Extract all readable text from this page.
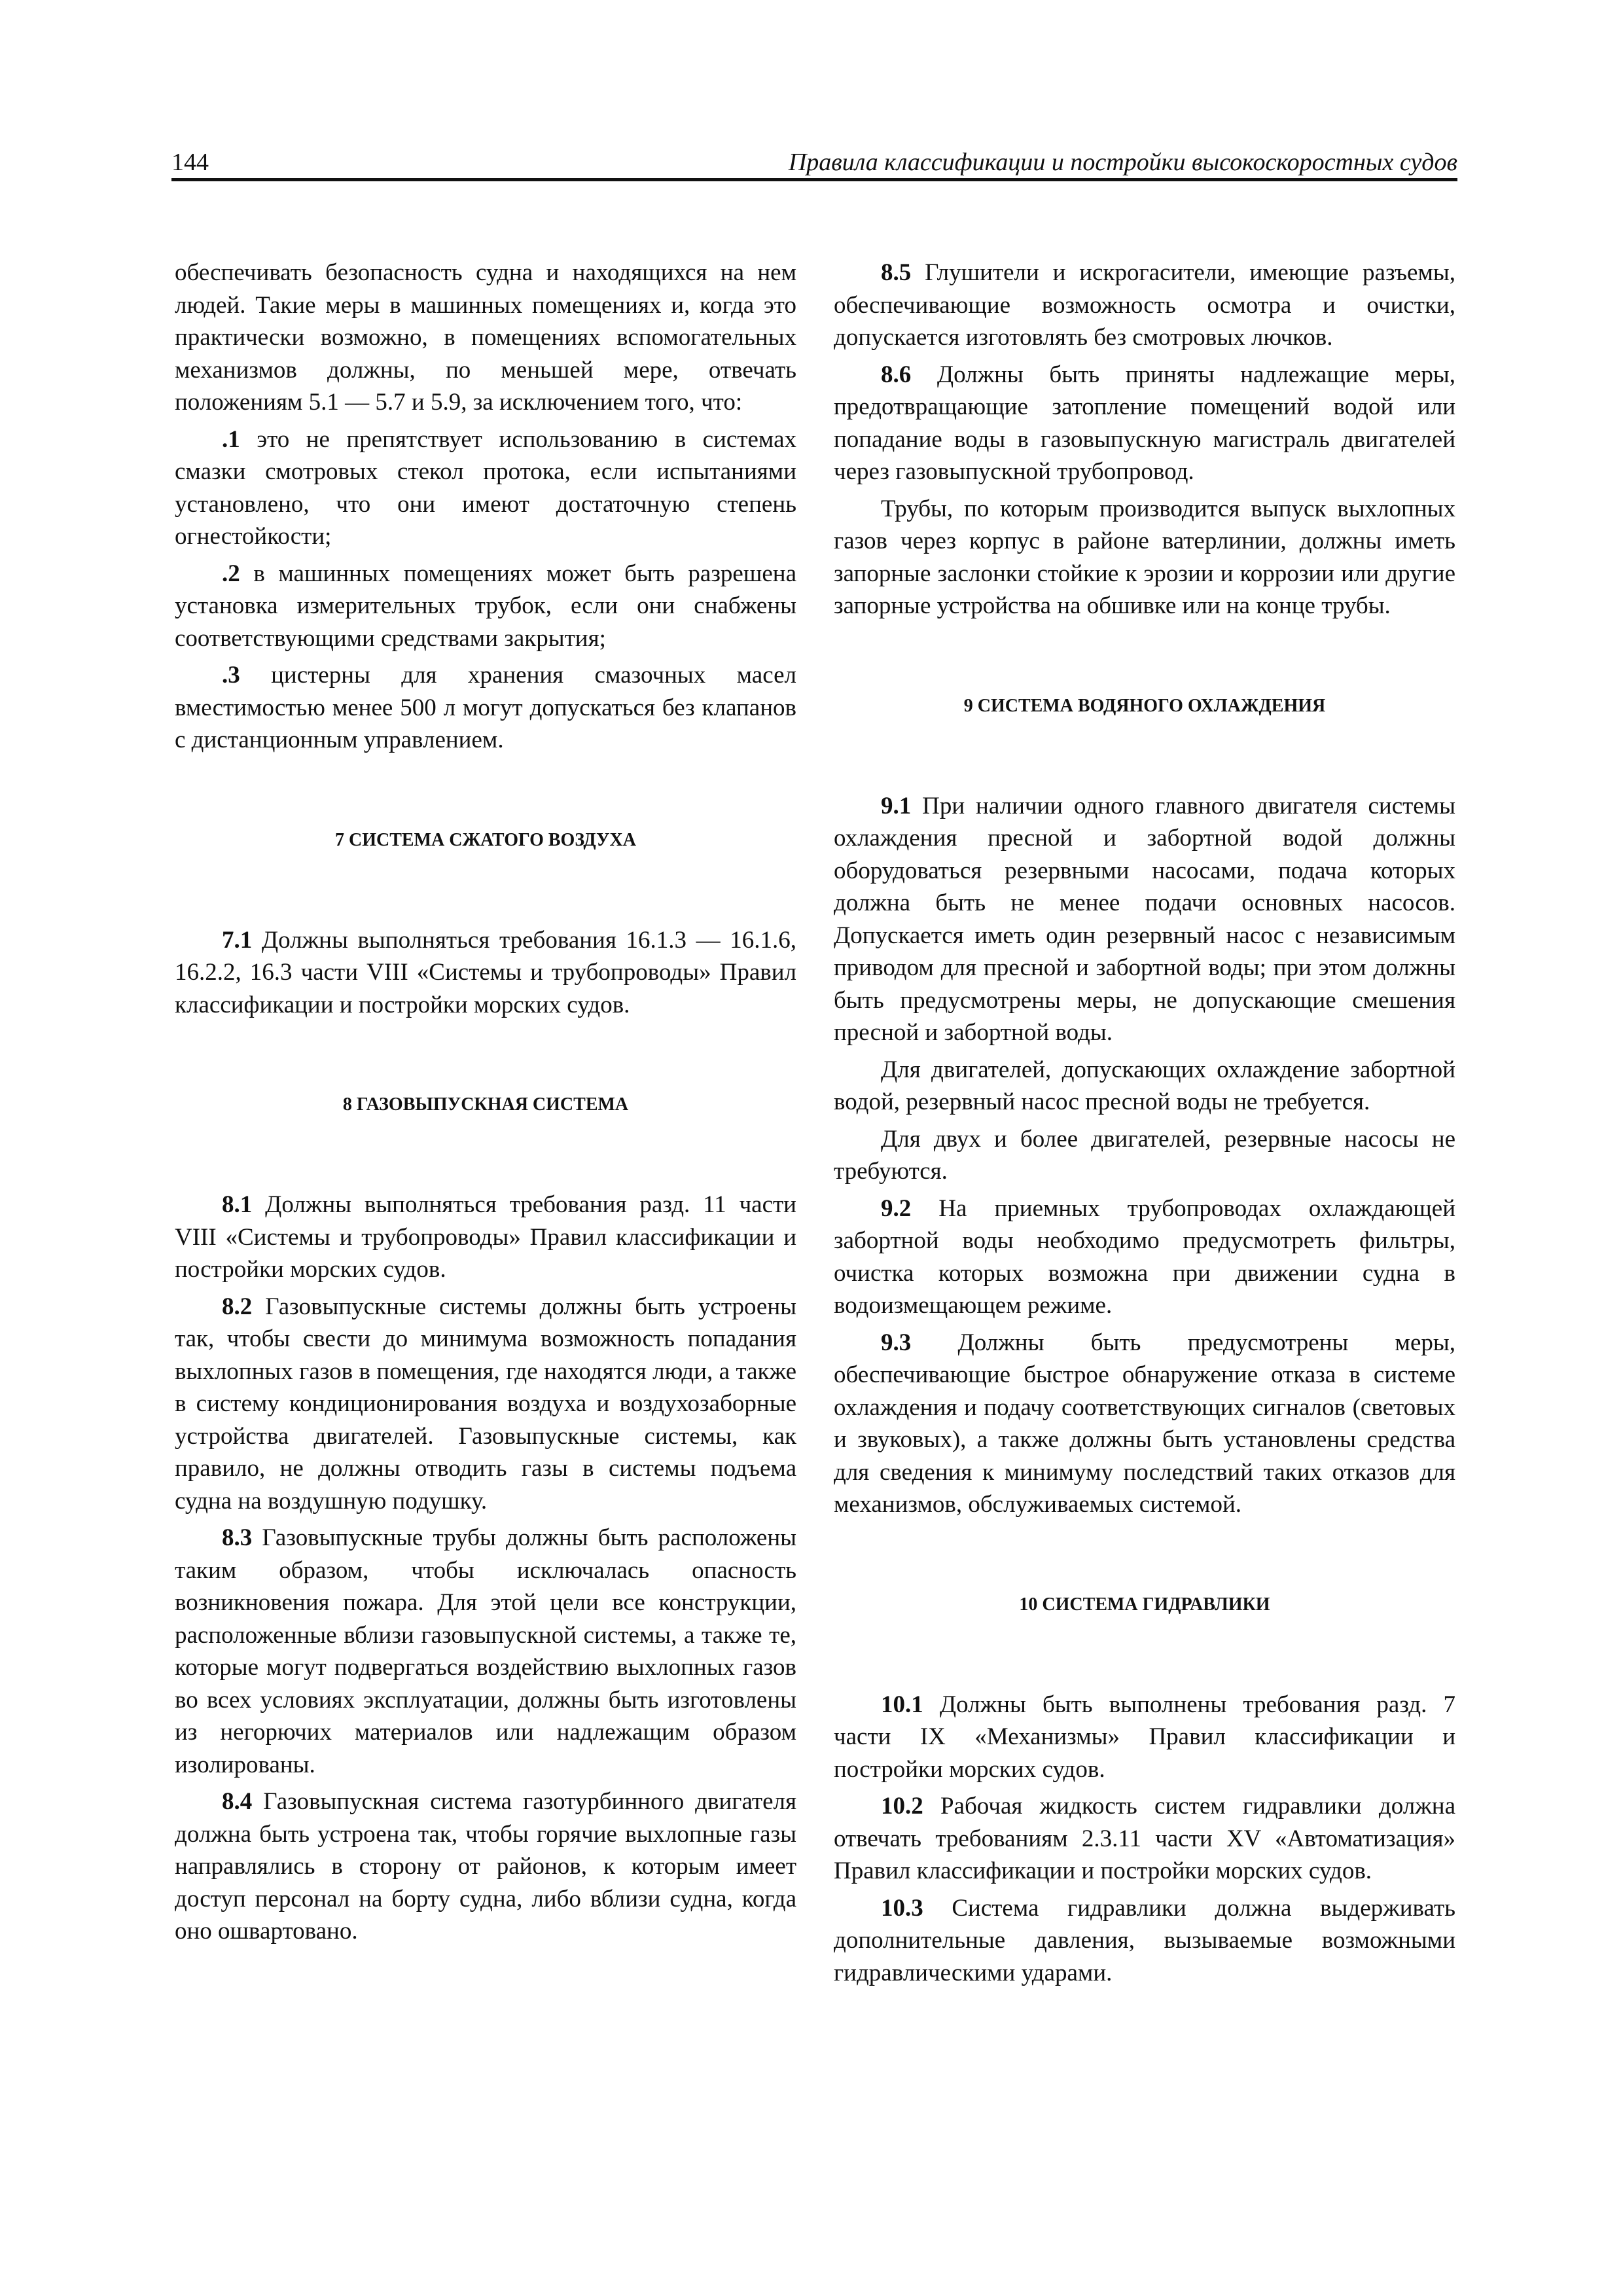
144	Правила классификации и постройки высокоскоростных судов

обеспечивать безопасность судна и находящихся на нем людей. Такие меры в машинных помещениях и, когда это практически возможно, в помещениях вспомогательных механизмов должны, по меньшей мере, отвечать положениям 5.1 — 5.7 и 5.9, за исключением того, что:

.1 это не препятствует использованию в системах смазки смотровых стекол протока, если испытаниями установлено, что они имеют достаточную степень огнестойкости;

.2 в машинных помещениях может быть разрешена установка измерительных трубок, если они снабжены соответствующими средствами закрытия;

.3 цистерны для хранения смазочных масел вместимостью менее 500 л могут допускаться без клапанов с дистанционным управлением.

7 СИСТЕМА СЖАТОГО ВОЗДУХА

7.1 Должны выполняться требования 16.1.3 — 16.1.6, 16.2.2, 16.3 части VIII «Системы и трубопроводы» Правил классификации и постройки морских судов.

8 ГАЗОВЫПУСКНАЯ СИСТЕМА

8.1 Должны выполняться требования разд. 11 части VIII «Системы и трубопроводы» Правил классификации и постройки морских судов.

8.2 Газовыпускные системы должны быть устроены так, чтобы свести до минимума возможность попадания выхлопных газов в помещения, где находятся люди, а также в систему кондиционирования воздуха и воздухозаборные устройства двигателей. Газовыпускные системы, как правило, не должны отводить газы в системы подъема судна на воздушную подушку.

8.3 Газовыпускные трубы должны быть расположены таким образом, чтобы исключалась опасность возникновения пожара. Для этой цели все конструкции, расположенные вблизи газовыпускной системы, а также те, которые могут подвергаться воздействию выхлопных газов во всех условиях эксплуатации, должны быть изготовлены из негорючих материалов или надлежащим образом изолированы.

8.4 Газовыпускная система газотурбинного двигателя должна быть устроена так, чтобы горячие выхлопные газы направлялись в сторону от районов, к которым имеет доступ персонал на борту судна, либо вблизи судна, когда оно ошвартовано.

8.5 Глушители и искрогасители, имеющие разъемы, обеспечивающие возможность осмотра и очистки, допускается изготовлять без смотровых лючков.

8.6 Должны быть приняты надлежащие меры, предотвращающие затопление помещений водой или попадание воды в газовыпускную магистраль двигателей через газовыпускной трубопровод.

Трубы, по которым производится выпуск выхлопных газов через корпус в районе ватерлинии, должны иметь запорные заслонки стойкие к эрозии и коррозии или другие запорные устройства на обшивке или на конце трубы.

9 СИСТЕМА ВОДЯНОГО ОХЛАЖДЕНИЯ

9.1 При наличии одного главного двигателя системы охлаждения пресной и забортной водой должны оборудоваться резервными насосами, подача которых должна быть не менее подачи основных насосов. Допускается иметь один резервный насос с независимым приводом для пресной и забортной воды; при этом должны быть предусмотрены меры, не допускающие смешения пресной и забортной воды.

Для двигателей, допускающих охлаждение забортной водой, резервный насос пресной воды не требуется.

Для двух и более двигателей, резервные насосы не требуются.

9.2 На приемных трубопроводах охлаждающей забортной воды необходимо предусмотреть фильтры, очистка которых возможна при движении судна в водоизмещающем режиме.

9.3 Должны быть предусмотрены меры, обеспечивающие быстрое обнаружение отказа в системе охлаждения и подачу соответствующих сигналов (световых и звуковых), а также должны быть установлены средства для сведения к минимуму последствий таких отказов для механизмов, обслуживаемых системой.

10 СИСТЕМА ГИДРАВЛИКИ

10.1 Должны быть выполнены требования разд. 7 части IX «Механизмы» Правил классификации и постройки морских судов.

10.2 Рабочая жидкость систем гидравлики должна отвечать требованиям 2.3.11 части XV «Автоматизация» Правил классификации и постройки морских судов.

10.3 Система гидравлики должна выдерживать дополнительные давления, вызываемые возможными гидравлическими ударами.
